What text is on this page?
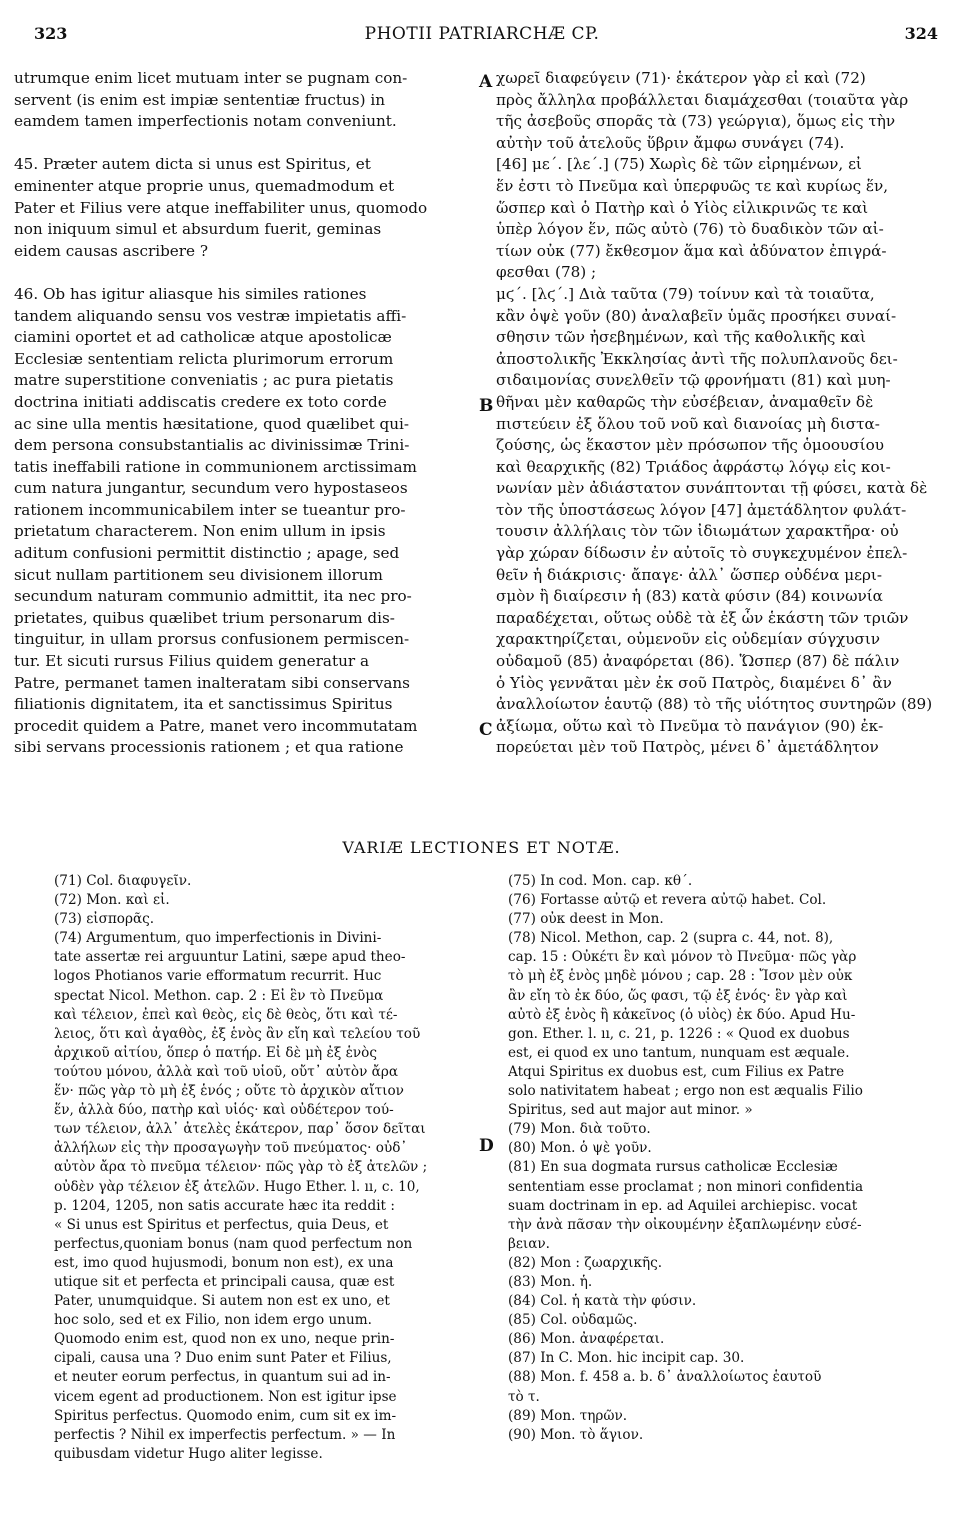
323	PHOTII PATRIARCHÆ CP.	324
utrumque enim licet mutuam inter se pugnam con-
servent (is enim est impiæ sententiæ fructus) in
eamdem tamen imperfectionis notam conveniunt.

45. Præter autem dicta si unus est Spiritus, et
eminenter atque proprie unus, quemadmodum et
Pater et Filius vere atque ineffabiliter unus, quomodo
non iniquum simul et absurdum fuerit, geminas
eidem causas ascribere ?

46. Ob has igitur aliasque his similes rationes
tandem aliquando sensu vos vestræ impietatis affi-
ciamini oportet et ad catholicæ atque apostolicæ
Ecclesiæ sententiam relicta plurimorum errorum
matre superstitione conveniatis ; ac pura pietatis
doctrina initiati addiscatis credere ex toto corde
ac sine ulla mentis hæsitatione, quod quælibet qui-
dem persona consubstantialis ac divinissimæ Trini-
tatis ineffabili ratione in communionem arctissimam
cum natura jungantur, secundum vero hypostaseos
rationem incommunicabilem inter se tueantur pro-
prietatum characterem. Non enim ullum in ipsis
aditum confusioni permittit distinctio ; apage, sed
sicut nullam partitionem seu divisionem illorum
secundum naturam communio admittit, ita nec pro-
prietates, quibus quælibet trium personarum dis-
tinguitur, in ullam prorsus confusionem permiscen-
tur. Et sicuti rursus Filius quidem generatur a
Patre, permanet tamen inalteratam sibi conservans
filiationis dignitatem, ita et sanctissimus Spiritus
procedit quidem a Patre, manet vero incommutatam
sibi servans processionis rationem ; et qua ratione
χωρεῖ διαφεύγειν (71)· ἑκάτερον γὰρ εἰ καὶ (72)
πρὸς ἄλληλα προβάλλεται διαμάχεσθαι (τοιαῦτα γὰρ
τῆς ἀσεβοῦς σπορᾶς τὰ (73) γεώργια), ὅμως εἰς τὴν
αὐτὴν τοῦ ἀτελοῦς ὕβριν ἄμφω συνάγει (74).
[46] με΄. [λε΄.] (75) Χωρὶς δὲ τῶν εἰρημένων, εἰ
ἕν ἐστι τὸ Πνεῦμα καὶ ὑπερφυῶς τε καὶ κυρίως ἕν,
ὥσπερ καὶ ὁ Πατὴρ καὶ ὁ Υἱὸς εἰλικρινῶς τε καὶ
ὑπὲρ λόγον ἕν, πῶς αὐτὸ (76) τὸ δυαδικὸν τῶν αἰ-
τίων οὐκ (77) ἔκθεσμον ἅμα καὶ ἀδύνατον ἐπιγρά-
φεσθαι (78) ;
μϛ΄. [λϛ΄.] Διὰ ταῦτα (79) τοίνυν καὶ τὰ τοιαῦτα,
κἂν ὀψὲ γοῦν (80) ἀναλαβεῖν ὑμᾶς προσήκει συναί-
σθησιν τῶν ἠσεβημένων, καὶ τῆς καθολικῆς καὶ
ἀποστολικῆς Ἐκκλησίας ἀντὶ τῆς πολυπλανοῦς δει-
σιδαιμονίας συνελθεῖν τῷ φρονήματι (81) καὶ μυη-
θῆναι μὲν καθαρῶς τὴν εὐσέβειαν, ἀναμαθεῖν δὲ
πιστεύειν ἐξ ὅλου τοῦ νοῦ καὶ διανοίας μὴ διστα-
ζούσης, ὡς ἕκαστον μὲν πρόσωπον τῆς ὁμοουσίου
καὶ θεαρχικῆς (82) Τριάδος ἀφράστῳ λόγῳ εἰς κοι-
νωνίαν μὲν ἀδιάστατον συνάπτονται τῇ φύσει, κατὰ δὲ
τὸν τῆς ὑποστάσεως λόγον [47] ἀμετάδλητον φυλάτ-
τουσιν ἀλλήλαις τὸν τῶν ἰδιωμάτων χαρακτῆρα· οὐ
γὰρ χώραν δίδωσιν ἐν αὐτοῖς τὸ συγκεχυμένον ἐπελ-
θεῖν ἡ διάκρισις· ἄπαγε· ἀλλ᾽ ὥσπερ οὐδένα μερι-
σμὸν ἢ διαίρεσιν ἡ (83) κατὰ φύσιν (84) κοινωνία
παραδέχεται, οὕτως οὐδὲ τὰ ἐξ ὧν ἑκάστη τῶν τριῶν
χαρακτηρίζεται, οὐμενοῦν εἰς οὐδεμίαν σύγχυσιν
οὐδαμοῦ (85) ἀναφόρεται (86). Ὥσπερ (87) δὲ πάλιν
ὁ Υἱὸς γεννᾶται μὲν ἐκ σοῦ Πατρὸς, διαμένει δ᾽ ἂν
ἀναλλοίωτον ἑαυτῷ (88) τὸ τῆς υἱότητος συντηρῶν (89)
ἀξίωμα, οὕτω καὶ τὸ Πνεῦμα τὸ πανάγιον (90) ἐκ-
πορεύεται μὲν τοῦ Πατρὸς, μένει δ᾽ ἀμετάδλητον
A
B
C
D
VARIÆ LECTIONES ET NOTÆ.
(71) Col. διαφυγεῖν.
(72) Mon. καὶ εἰ.
(73) εἰσπορᾶς.
(74) Argumentum, quo imperfectionis in Divini-
tate assertæ rei arguuntur Latini, sæpe apud theo-
logos Photianos varie efformatum recurrit. Huc
spectat Nicol. Methon. cap. 2 : Εἰ ἓν τὸ Πνεῦμα
καὶ τέλειον, ἐπεὶ καὶ θεὸς, εἰς δὲ θεὸς, ὅτι καὶ τέ-
λειος, ὅτι καὶ ἀγαθὸς, ἐξ ἑνὸς ἂν εἴη καὶ τελείου τοῦ
ἀρχικοῦ αἰτίου, ὅπερ ὁ πατήρ. Εἰ δὲ μὴ ἐξ ἑνὸς
τούτου μόνου, ἀλλὰ καὶ τοῦ υἱοῦ, οὔτ᾽ αὐτὸν ἄρα
ἕν· πῶς γὰρ τὸ μὴ ἐξ ἑνός ; οὔτε τὸ ἀρχικὸν αἴτιον
ἕν, ἀλλὰ δύο, πατὴρ καὶ υἱός· καὶ οὐδέτερον τού-
των τέλειον, ἀλλ᾽ ἀτελὲς ἑκάτερον, παρ᾽ ὅσον δεῖται
ἀλλήλων εἰς τὴν προσαγωγὴν τοῦ πνεύματος· οὐδ᾽
αὐτὸν ἄρα τὸ πνεῦμα τέλειον· πῶς γὰρ τὸ ἐξ ἀτελῶν ;
οὐδὲν γὰρ τέλειον ἐξ ἀτελῶν. Hugo Ether. l. ıı, c. 10,
p. 1204, 1205, non satis accurate hæc ita reddit :
« Si unus est Spiritus et perfectus, quia Deus, et
perfectus,quoniam bonus (nam quod perfectum non
est, imo quod hujusmodi, bonum non est), ex una
utique sit et perfecta et principali causa, quæ est
Pater, unumquidque. Si autem non est ex uno, et
hoc solo, sed et ex Filio, non idem ergo unum.
Quomodo enim est, quod non ex uno, neque prin-
cipali, causa una ? Duo enim sunt Pater et Filius,
et neuter eorum perfectus, in quantum sui ad in-
vicem egent ad productionem. Non est igitur ipse
Spiritus perfectus. Quomodo enim, cum sit ex im-
perfectis ? Nihil ex imperfectis perfectum. » — In
quibusdam videtur Hugo aliter legisse.
(75) In cod. Mon. cap. κθ΄.
(76) Fortasse αὐτῷ et revera αὐτῷ habet. Col.
(77) οὐκ deest in Mon.
(78) Nicol. Methon, cap. 2 (supra c. 44, not. 8),
cap. 15 : Οὐκέτι ἓν καὶ μόνον τὸ Πνεῦμα· πῶς γὰρ
τὸ μὴ ἐξ ἑνὸς μηδὲ μόνου ; cap. 28 : Ἴσον μὲν οὐκ
ἂν εἴη τὸ ἐκ δύο, ὥς φασι, τῷ ἐξ ἑνός· ἓν γὰρ καὶ
αὐτὸ ἐξ ἑνὸς ἢ κἀκεῖνος (ὁ υἱὸς) ἐκ δύο. Apud Hu-
gon. Ether. l. ıı, c. 21, p. 1226 : « Quod ex duobus
est, ei quod ex uno tantum, nunquam est æquale.
Atqui Spiritus ex duobus est, cum Filius ex Patre
solo nativitatem habeat ; ergo non est æqualis Filio
Spiritus, sed aut major aut minor. »
(79) Mon. διὰ τοῦτο.
(80) Mon. ὁ ψὲ γοῦν.
(81) En sua dogmata rursus catholicæ Ecclesiæ
sententiam esse proclamat ; non minori confidentia
suam doctrinam in ep. ad Aquilei archiepisc. vocat
τὴν ἀνὰ πᾶσαν τὴν οἰκουμένην ἐξαπλωμένην εὐσέ-
βειαν.
(82) Mon : ζωαρχικῆς.
(83) Mon. ἡ.
(84) Col. ἡ κατὰ τὴν φύσιν.
(85) Col. οὐδαμῶς.
(86) Mon. ἀναφέρεται.
(87) In C. Mon. hic incipit cap. 30.
(88) Mon. f. 458 a. b. δ᾽ ἀναλλοίωτος ἑαυτοῦ
τὸ τ.
(89) Mon. τηρῶν.
(90) Mon. τὸ ἅγιον.
